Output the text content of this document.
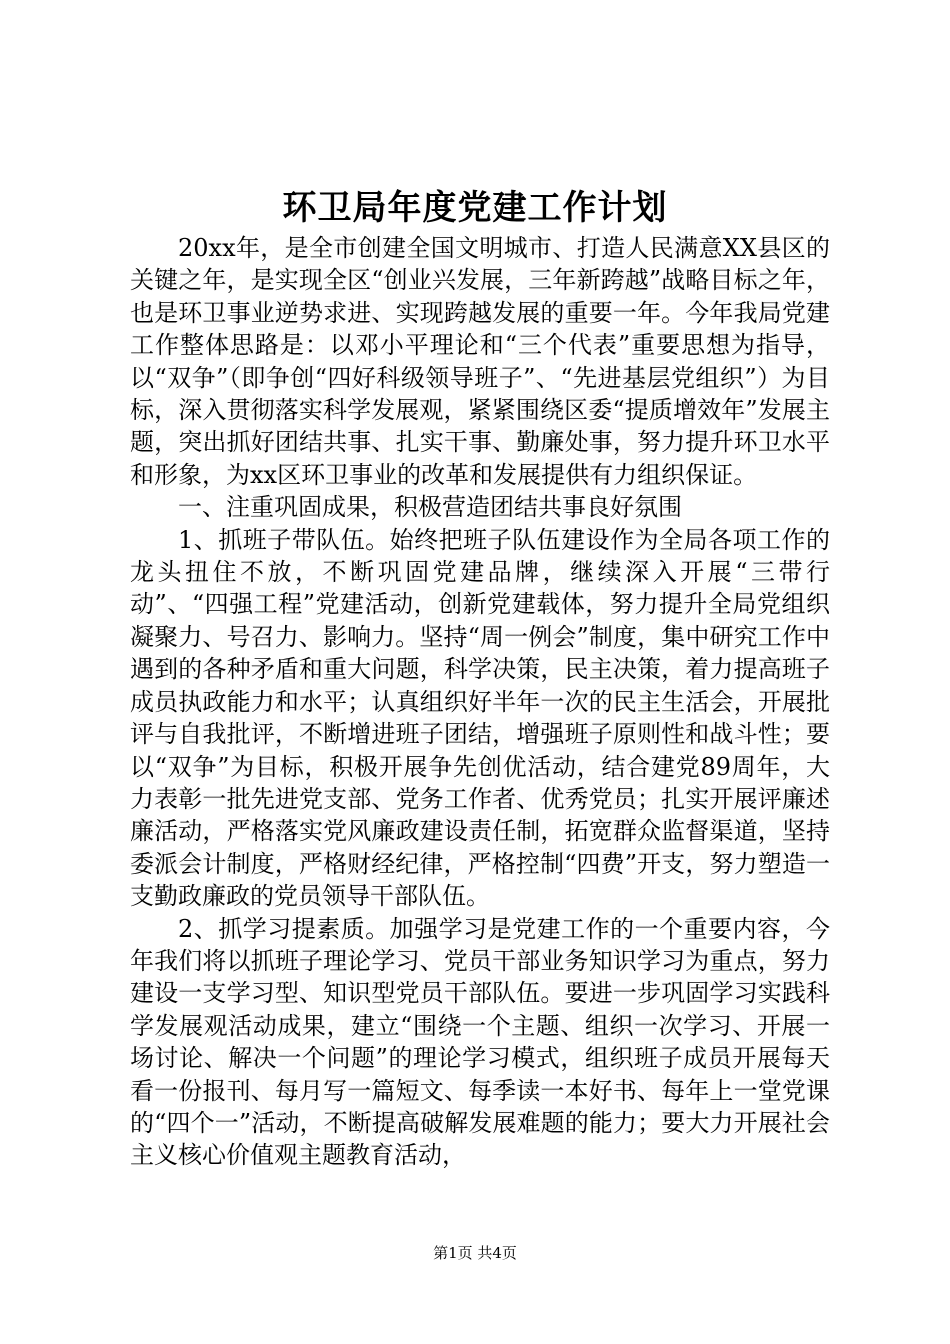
环卫局年度党建工作计划

20xx年，是全市创建全国文明城市、打造人民满意XX县区的关键之年，是实现全区“创业兴发展，三年新跨越”战略目标之年，也是环卫事业逆势求进、实现跨越发展的重要一年。今年我局党建工作整体思路是：以邓小平理论和“三个代表”重要思想为指导，以“双争”（即争创“四好科级领导班子”、“先进基层党组织”）为目标，深入贯彻落实科学发展观，紧紧围绕区委“提质增效年”发展主题，突出抓好团结共事、扎实干事、勤廉处事，努力提升环卫水平和形象，为xx区环卫事业的改革和发展提供有力组织保证。

一、注重巩固成果，积极营造团结共事良好氛围

1、抓班子带队伍。始终把班子队伍建设作为全局各项工作的龙头扭住不放，不断巩固党建品牌，继续深入开展“三带行动”、“四强工程”党建活动，创新党建载体，努力提升全局党组织凝聚力、号召力、影响力。坚持“周一例会”制度，集中研究工作中遇到的各种矛盾和重大问题，科学决策，民主决策，着力提高班子成员执政能力和水平；认真组织好半年一次的民主生活会，开展批评与自我批评，不断增进班子团结，增强班子原则性和战斗性；要以“双争”为目标，积极开展争先创优活动，结合建党89周年，大力表彰一批先进党支部、党务工作者、优秀党员；扎实开展评廉述廉活动，严格落实党风廉政建设责任制，拓宽群众监督渠道，坚持委派会计制度，严格财经纪律，严格控制“四费”开支，努力塑造一支勤政廉政的党员领导干部队伍。

2、抓学习提素质。加强学习是党建工作的一个重要内容，今年我们将以抓班子理论学习、党员干部业务知识学习为重点，努力建设一支学习型、知识型党员干部队伍。要进一步巩固学习实践科学发展观活动成果，建立“围绕一个主题、组织一次学习、开展一场讨论、解决一个问题”的理论学习模式，组织班子成员开展每天看一份报刊、每月写一篇短文、每季读一本好书、每年上一堂党课的“四个一”活动，不断提高破解发展难题的能力；要大力开展社会主义核心价值观主题教育活动，

第1页 共4页
